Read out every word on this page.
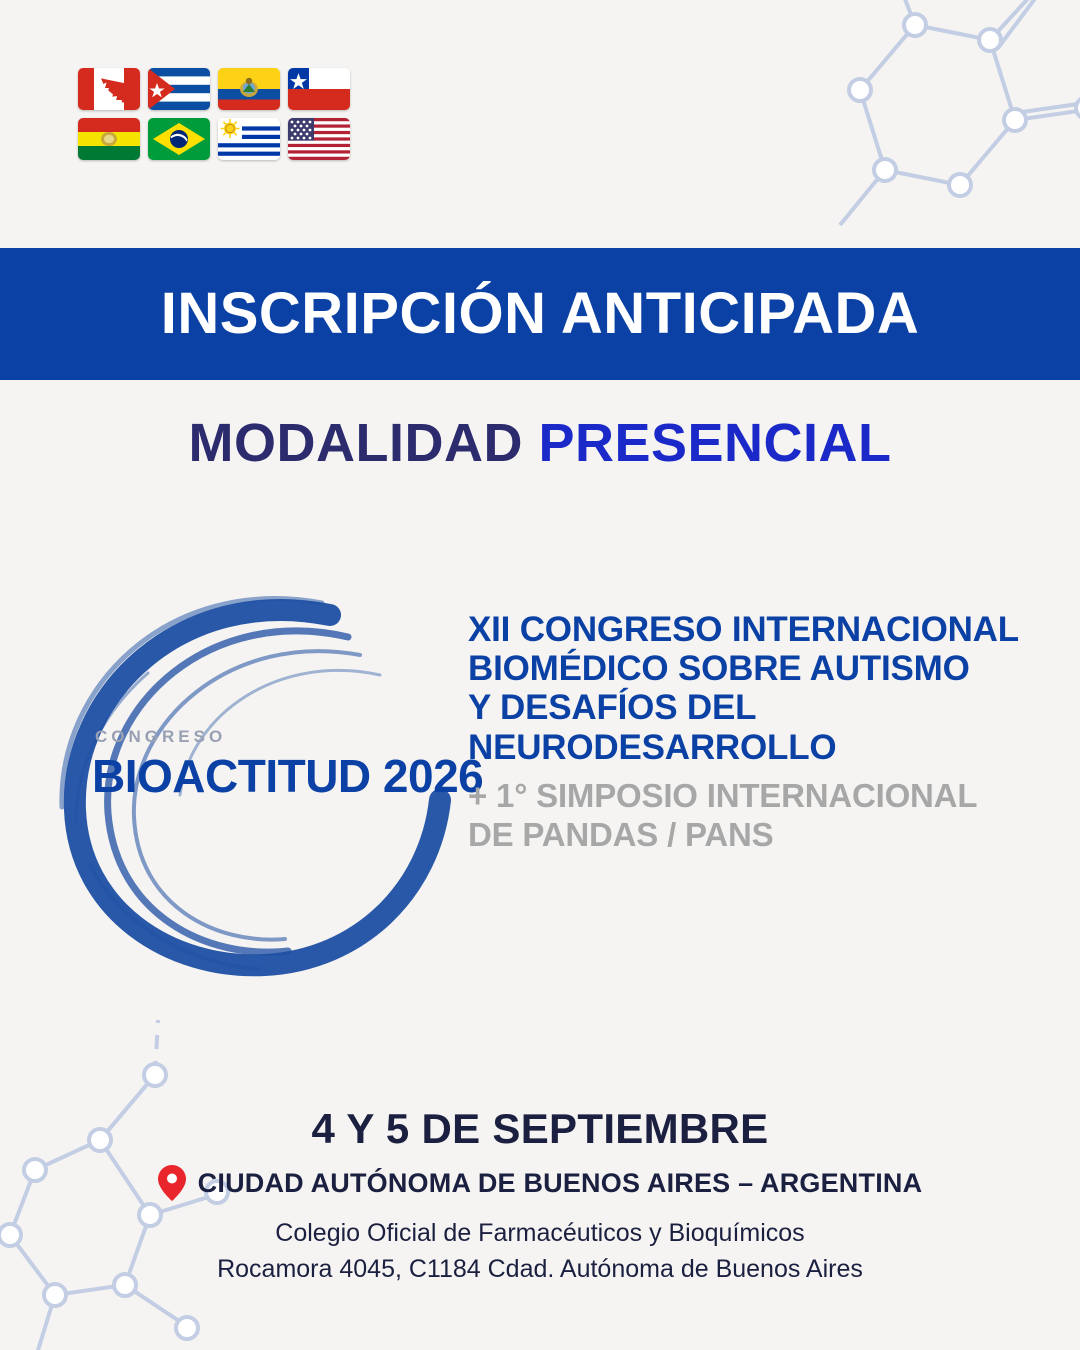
INSCRIPCIÓN ANTICIPADA
MODALIDAD PRESENCIAL
CONGRESO
BIOACTITUD 2026
XII CONGRESO INTERNACIONAL
BIOMÉDICO SOBRE AUTISMO
Y DESAFÍOS DEL
NEURODESARROLLO
+ 1° SIMPOSIO INTERNACIONAL
DE PANDAS / PANS
4 Y 5 DE SEPTIEMBRE
CIUDAD AUTÓNOMA DE BUENOS AIRES – ARGENTINA
Colegio Oficial de Farmacéuticos y Bioquímicos
Rocamora 4045, C1184 Cdad. Autónoma de Buenos Aires
